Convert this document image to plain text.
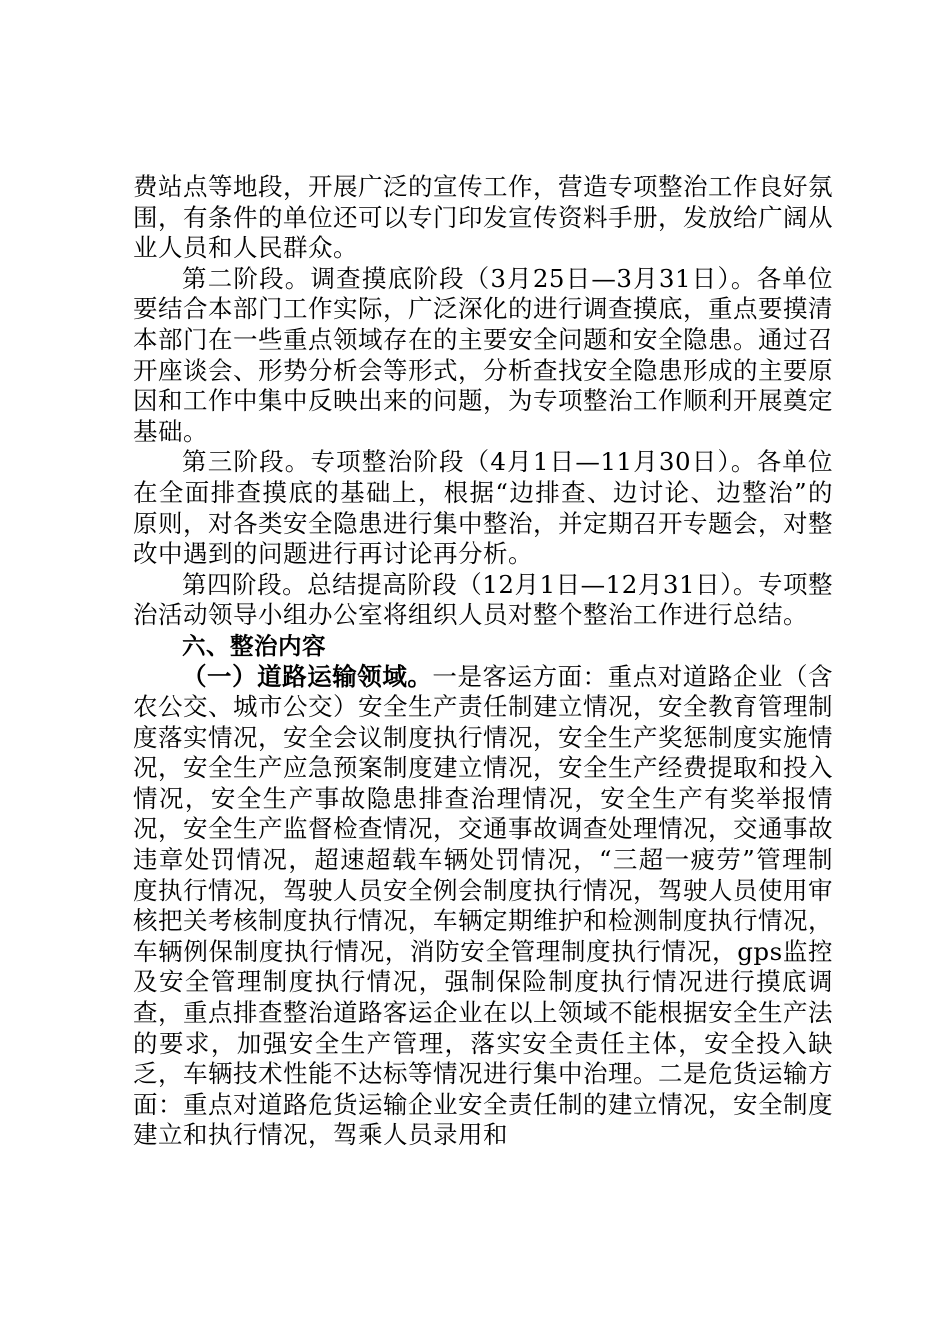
费站点等地段，开展广泛的宣传工作，营造专项整治工作良好氛围，有条件的单位还可以专门印发宣传资料手册，发放给广阔从业人员和人民群众。

第二阶段。调查摸底阶段（3月25日—3月31日）。各单位要结合本部门工作实际，广泛深化的进行调查摸底，重点要摸清本部门在一些重点领域存在的主要安全问题和安全隐患。通过召开座谈会、形势分析会等形式，分析查找安全隐患形成的主要原因和工作中集中反映出来的问题，为专项整治工作顺利开展奠定基础。

第三阶段。专项整治阶段（4月1日—11月30日）。各单位在全面排查摸底的基础上，根据“边排查、边讨论、边整治”的原则，对各类安全隐患进行集中整治，并定期召开专题会，对整改中遇到的问题进行再讨论再分析。

第四阶段。总结提高阶段（12月1日—12月31日）。专项整治活动领导小组办公室将组织人员对整个整治工作进行总结。

六、整治内容

（一）道路运输领域。一是客运方面：重点对道路企业（含农公交、城市公交）安全生产责任制建立情况，安全教育管理制度落实情况，安全会议制度执行情况，安全生产奖惩制度实施情况，安全生产应急预案制度建立情况，安全生产经费提取和投入情况，安全生产事故隐患排查治理情况，安全生产有奖举报情况，安全生产监督检查情况，交通事故调查处理情况，交通事故违章处罚情况，超速超载车辆处罚情况，“三超一疲劳”管理制度执行情况，驾驶人员安全例会制度执行情况，驾驶人员使用审核把关考核制度执行情况，车辆定期维护和检测制度执行情况，车辆例保制度执行情况，消防安全管理制度执行情况，gps监控及安全管理制度执行情况，强制保险制度执行情况进行摸底调查，重点排查整治道路客运企业在以上领域不能根据安全生产法的要求，加强安全生产管理，落实安全责任主体，安全投入缺乏，车辆技术性能不达标等情况进行集中治理。二是危货运输方面：重点对道路危货运输企业安全责任制的建立情况，安全制度建立和执行情况，驾乘人员录用和
